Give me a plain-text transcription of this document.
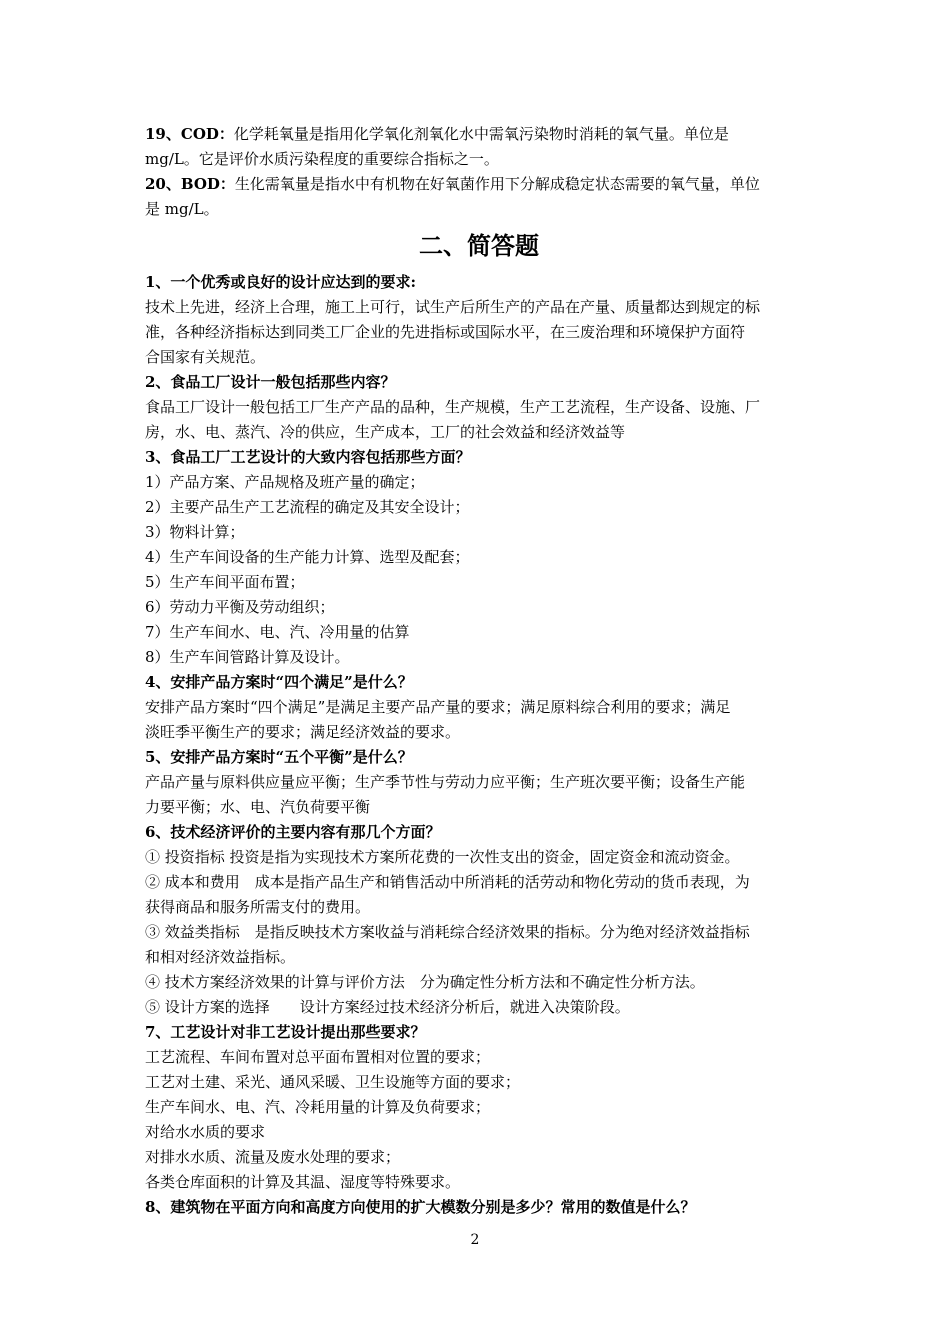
19、COD：化学耗氧量是指用化学氧化剂氧化水中需氧污染物时消耗的氧气量。单位是
mg/L。它是评价水质污染程度的重要综合指标之一。
20、BOD：生化需氧量是指水中有机物在好氧菌作用下分解成稳定状态需要的氧气量，单位
是 mg/L。
二、简答题
1、一个优秀或良好的设计应达到的要求:
技术上先进，经济上合理，施工上可行，试生产后所生产的产品在产量、质量都达到规定的标
准，各种经济指标达到同类工厂企业的先进指标或国际水平，在三废治理和环境保护方面符
合国家有关规范。
2、食品工厂设计一般包括那些内容？
食品工厂设计一般包括工厂生产产品的品种，生产规模，生产工艺流程，生产设备、设施、厂
房，水、电、蒸汽、冷的供应，生产成本，工厂的社会效益和经济效益等
3、食品工厂工艺设计的大致内容包括那些方面？
1）产品方案、产品规格及班产量的确定；
2）主要产品生产工艺流程的确定及其安全设计；
3）物料计算；
4）生产车间设备的生产能力计算、选型及配套；
5）生产车间平面布置；
6）劳动力平衡及劳动组织；
7）生产车间水、电、汽、冷用量的估算
8）生产车间管路计算及设计。
4、安排产品方案时“四个满足”是什么？
安排产品方案时“四个满足”是满足主要产品产量的要求；满足原料综合利用的要求；满足
淡旺季平衡生产的要求；满足经济效益的要求。
5、安排产品方案时“五个平衡”是什么？
产品产量与原料供应量应平衡；生产季节性与劳动力应平衡；生产班次要平衡；设备生产能
力要平衡；水、电、汽负荷要平衡
6、技术经济评价的主要内容有那几个方面？
① 投资指标 投资是指为实现技术方案所花费的一次性支出的资金，固定资金和流动资金。
② 成本和费用　成本是指产品生产和销售活动中所消耗的活劳动和物化劳动的货币表现，为
获得商品和服务所需支付的费用。
③ 效益类指标　是指反映技术方案收益与消耗综合经济效果的指标。分为绝对经济效益指标
和相对经济效益指标。
④ 技术方案经济效果的计算与评价方法　分为确定性分析方法和不确定性分析方法。
⑤ 设计方案的选择　　设计方案经过技术经济分析后，就进入决策阶段。
7、工艺设计对非工艺设计提出那些要求？
工艺流程、车间布置对总平面布置相对位置的要求；
工艺对土建、采光、通风采暖、卫生设施等方面的要求；
生产车间水、电、汽、冷耗用量的计算及负荷要求；
对给水水质的要求
对排水水质、流量及废水处理的要求；
各类仓库面积的计算及其温、湿度等特殊要求。
8、建筑物在平面方向和高度方向使用的扩大模数分别是多少？常用的数值是什么？
2
